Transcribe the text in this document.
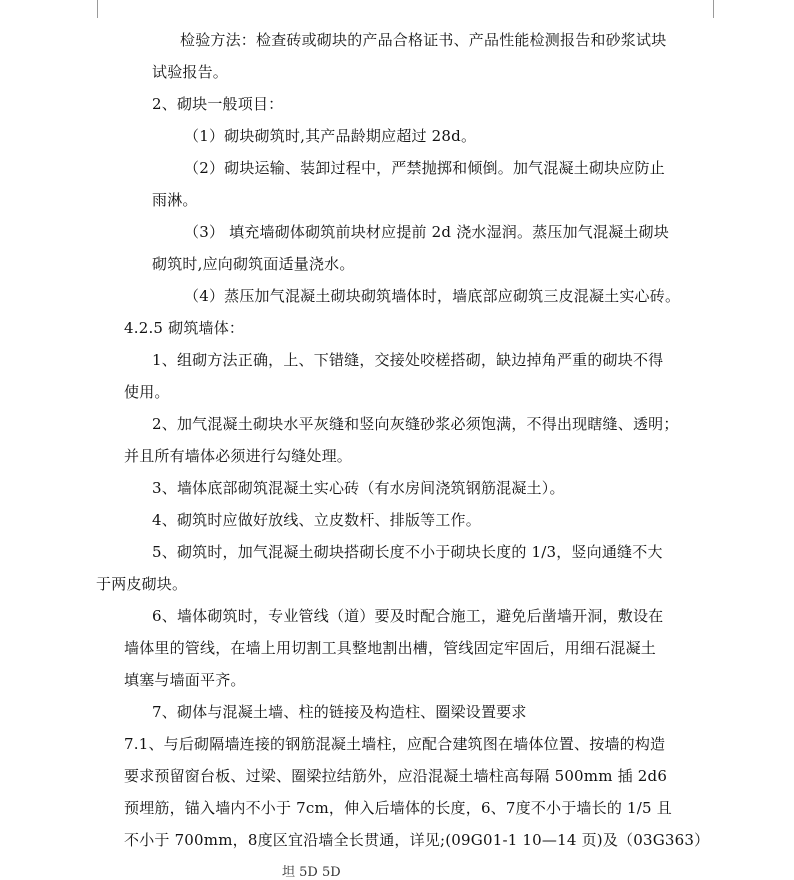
检验方法：检查砖或砌块的产品合格证书、产品性能检测报告和砂浆试块
试验报告。
2、砌块一般项目：
（1）砌块砌筑时,其产品龄期应超过 28d。
（2）砌块运输、装卸过程中，严禁抛掷和倾倒。加气混凝土砌块应防止
雨淋。
（3） 填充墙砌体砌筑前块材应提前 2d 浇水湿润。蒸压加气混凝土砌块
砌筑时,应向砌筑面适量浇水。
（4）蒸压加气混凝土砌块砌筑墙体时，墙底部应砌筑三皮混凝土实心砖。
4.2.5 砌筑墙体：
1、组砌方法正确，上、下错缝，交接处咬槎搭砌，缺边掉角严重的砌块不得
使用。
2、加气混凝土砌块水平灰缝和竖向灰缝砂浆必须饱满，不得出现瞎缝、透明；
并且所有墙体必须进行勾缝处理。
3、墙体底部砌筑混凝土实心砖（有水房间浇筑钢筋混凝土）。
4、砌筑时应做好放线、立皮数杆、排版等工作。
5、砌筑时，加气混凝土砌块搭砌长度不小于砌块长度的 1/3，竖向通缝不大
于两皮砌块。
6、墙体砌筑时，专业管线（道）要及时配合施工，避免后凿墙开洞，敷设在
墙体里的管线，在墙上用切割工具整地割出槽，管线固定牢固后，用细石混凝土
填塞与墙面平齐。
7、砌体与混凝土墙、柱的链接及构造柱、圈梁设置要求
7.1、与后砌隔墙连接的钢筋混凝土墙柱，应配合建筑图在墙体位置、按墙的构造
要求预留窗台板、过梁、圈梁拉结筋外，应沿混凝土墙柱高每隔 500mm 插 2d6
预埋筋，锚入墙内不小于 7cm，伸入后墙体的长度，6、7度不小于墙长的 1/5 且
不小于 700mm，8度区宜沿墙全长贯通，详见;(09G01-1 10—14 页)及（03G363）
坦 5D 5D
